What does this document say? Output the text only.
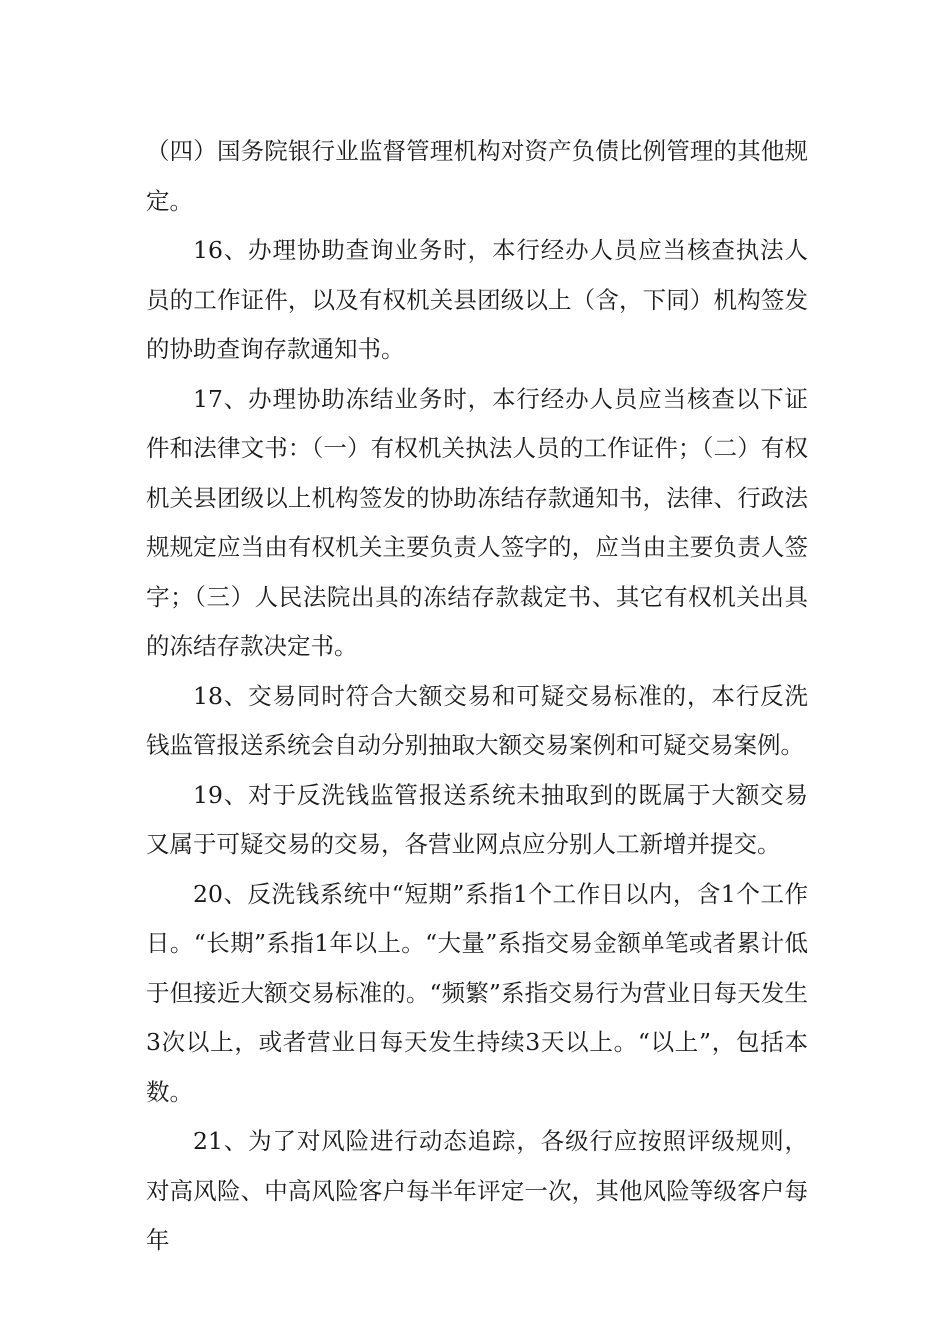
（四）国务院银行业监督管理机构对资产负债比例管理的其他规定。

16、办理协助查询业务时，本行经办人员应当核查执法人员的工作证件，以及有权机关县团级以上（含，下同）机构签发的协助查询存款通知书。

17、办理协助冻结业务时，本行经办人员应当核查以下证件和法律文书：（一）有权机关执法人员的工作证件；（二）有权机关县团级以上机构签发的协助冻结存款通知书，法律、行政法规规定应当由有权机关主要负责人签字的，应当由主要负责人签字；（三）人民法院出具的冻结存款裁定书、其它有权机关出具的冻结存款决定书。

18、交易同时符合大额交易和可疑交易标准的，本行反洗钱监管报送系统会自动分别抽取大额交易案例和可疑交易案例。

19、对于反洗钱监管报送系统未抽取到的既属于大额交易又属于可疑交易的交易，各营业网点应分别人工新增并提交。

20、反洗钱系统中“短期”系指1个工作日以内，含1个工作日。“长期”系指1年以上。“大量”系指交易金额单笔或者累计低于但接近大额交易标准的。“频繁”系指交易行为营业日每天发生3次以上，或者营业日每天发生持续3天以上。“以上”，包括本数。

21、为了对风险进行动态追踪，各级行应按照评级规则，对高风险、中高风险客户每半年评定一次，其他风险等级客户每年
